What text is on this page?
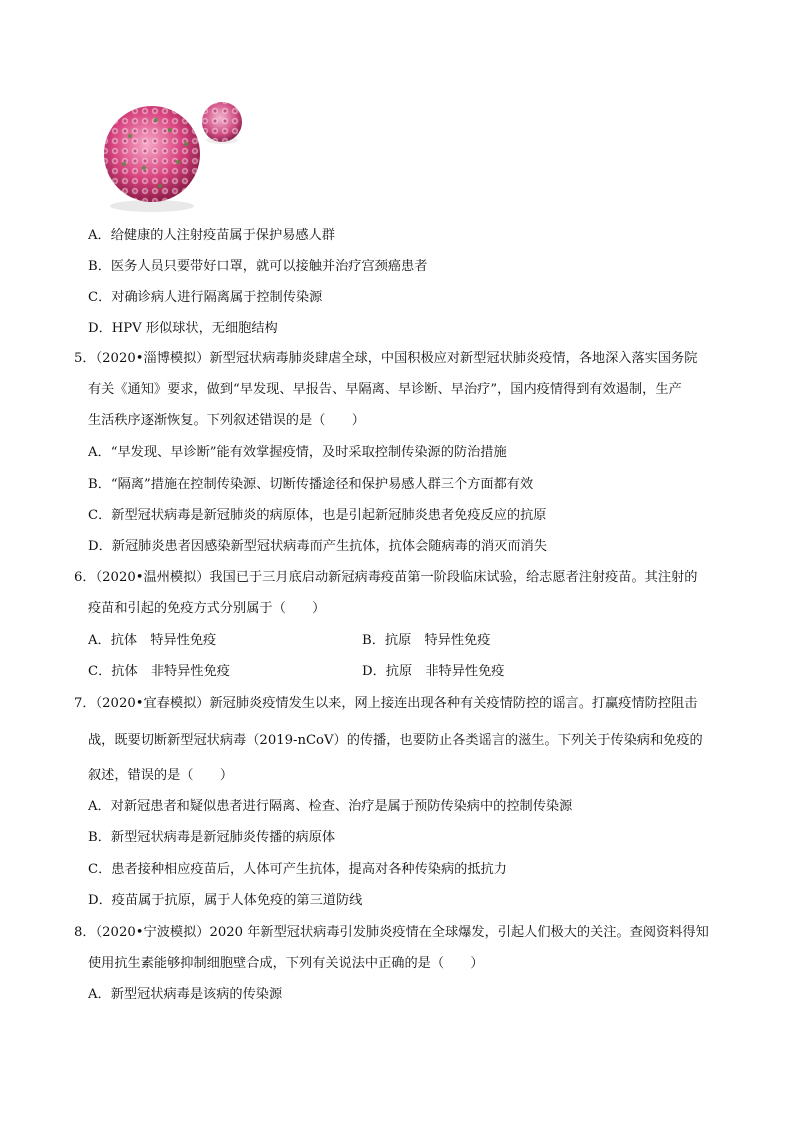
A．给健康的人注射疫苗属于保护易感人群
B．医务人员只要带好口罩，就可以接触并治疗宫颈癌患者
C．对确诊病人进行隔离属于控制传染源
D．HPV 形似球状，无细胞结构
5．（2020•淄博模拟）新型冠状病毒肺炎肆虐全球，中国积极应对新型冠状肺炎疫情，各地深入落实国务院
有关《通知》要求，做到“早发现、早报告、早隔离、早诊断、早治疗”，国内疫情得到有效遏制，生产
生活秩序逐渐恢复。下列叙述错误的是（　　）
A．“早发现、早诊断”能有效掌握疫情，及时采取控制传染源的防治措施
B．“隔离”措施在控制传染源、切断传播途径和保护易感人群三个方面都有效
C．新型冠状病毒是新冠肺炎的病原体，也是引起新冠肺炎患者免疫反应的抗原
D．新冠肺炎患者因感染新型冠状病毒而产生抗体，抗体会随病毒的消灭而消失
6．（2020•温州模拟）我国已于三月底启动新冠病毒疫苗第一阶段临床试验，给志愿者注射疫苗。其注射的
疫苗和引起的免疫方式分别属于（　　）
A．抗体　特异性免疫	B．抗原　特异性免疫
C．抗体　非特异性免疫	D．抗原　非特异性免疫
7．（2020•宜春模拟）新冠肺炎疫情发生以来，网上接连出现各种有关疫情防控的谣言。打赢疫情防控阻击
战，既要切断新型冠状病毒（2019-nCoV）的传播，也要防止各类谣言的滋生。下列关于传染病和免疫的
叙述，错误的是（　　）
A．对新冠患者和疑似患者进行隔离、检查、治疗是属于预防传染病中的控制传染源
B．新型冠状病毒是新冠肺炎传播的病原体
C．患者接种相应疫苗后，人体可产生抗体，提高对各种传染病的抵抗力
D．疫苗属于抗原，属于人体免疫的第三道防线
8．（2020•宁波模拟）2020 年新型冠状病毒引发肺炎疫情在全球爆发，引起人们极大的关注。查阅资料得知
使用抗生素能够抑制细胞壁合成，下列有关说法中正确的是（　　）
A．新型冠状病毒是该病的传染源
